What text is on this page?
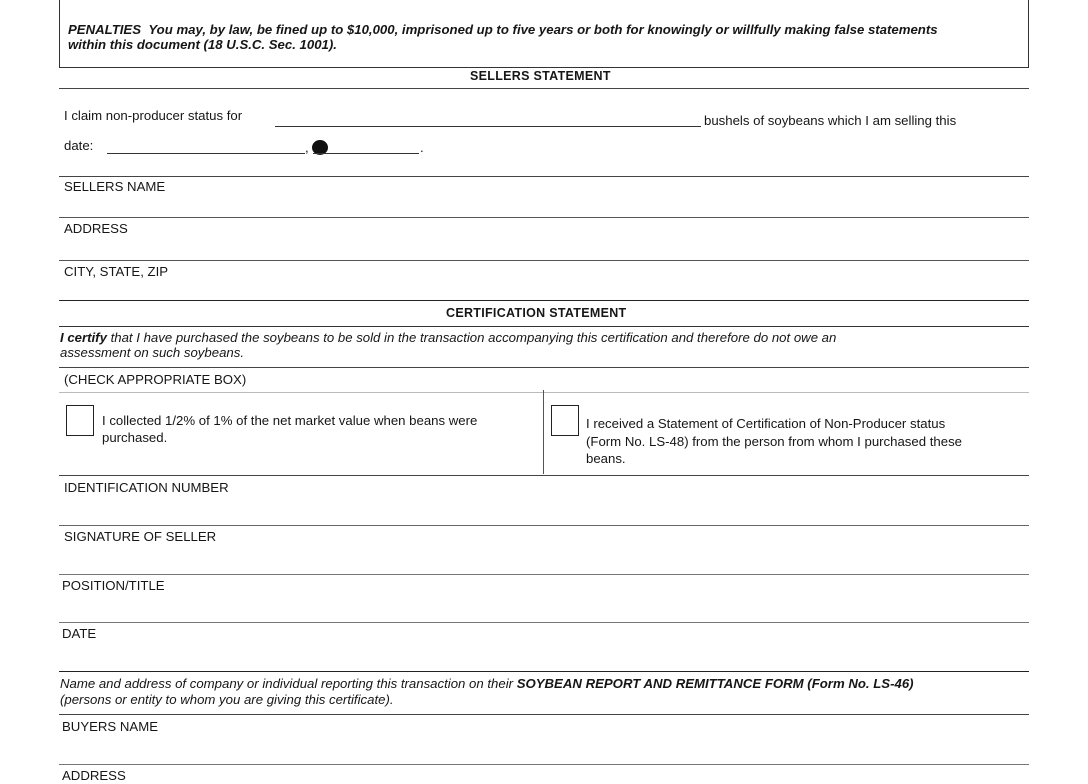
PENALTIES You may, by law, be fined up to $10,000, imprisoned up to five years or both for knowingly or willfully making false statements
within this document (18 U.S.C. Sec. 1001).
SELLERS STATEMENT
I claim non-producer status for	bushels of soybeans which I am selling this
date:	,	.
SELLERS NAME
ADDRESS
CITY, STATE, ZIP
CERTIFICATION STATEMENT
I certify that I have purchased the soybeans to be sold in the transaction accompanying this certification and therefore do not owe an
assessment on such soybeans.
(CHECK APPROPRIATE BOX)
I collected 1/2% of 1% of the net market value when beans were
purchased.
I received a Statement of Certification of Non-Producer status
(Form No. LS-48) from the person from whom I purchased these
beans.
IDENTIFICATION NUMBER
SIGNATURE OF SELLER
POSITION/TITLE
DATE
Name and address of company or individual reporting this transaction on their SOYBEAN REPORT AND REMITTANCE FORM (Form No. LS-46)
(persons or entity to whom you are giving this certificate).
BUYERS NAME
ADDRESS
